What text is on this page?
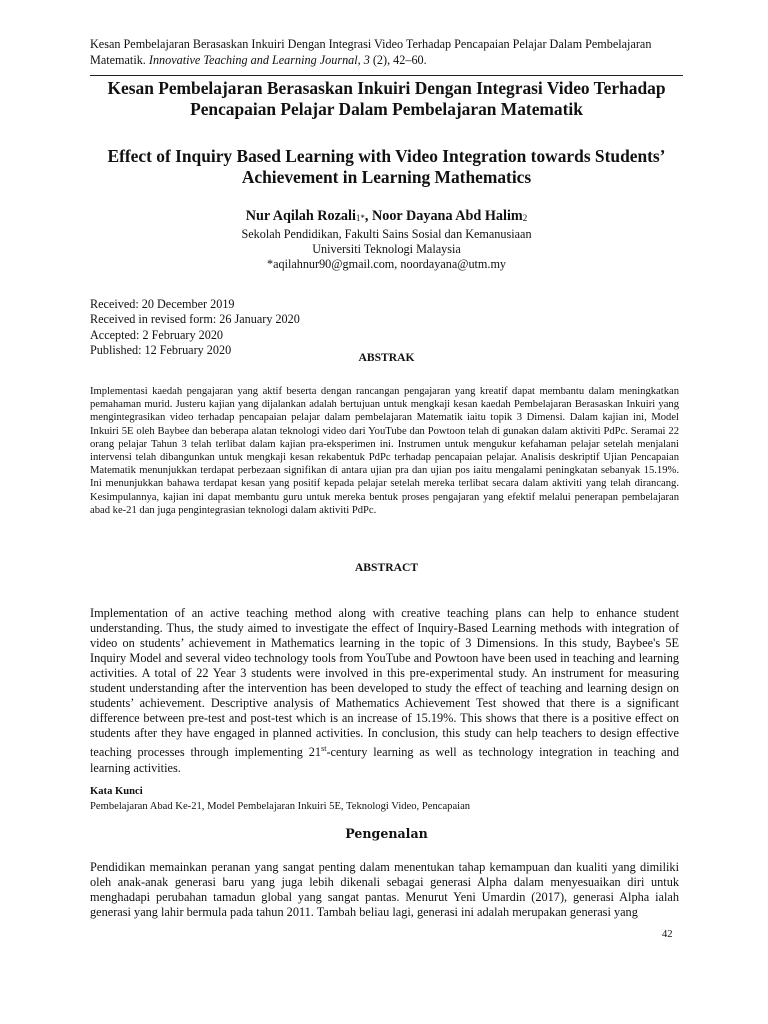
Kesan Pembelajaran Berasaskan Inkuiri Dengan Integrasi Video Terhadap Pencapaian Pelajar Dalam Pembelajaran Matematik. Innovative Teaching and Learning Journal, 3 (2), 42–60.
Kesan Pembelajaran Berasaskan Inkuiri Dengan Integrasi Video Terhadap Pencapaian Pelajar Dalam Pembelajaran Matematik
Effect of Inquiry Based Learning with Video Integration towards Students’ Achievement in Learning Mathematics
Nur Aqilah Rozali$_{1*}$, Noor Dayana Abd Halim$_2$
Sekolah Pendidikan, Fakulti Sains Sosial dan Kemanusiaan
Universiti Teknologi Malaysia
*aqilahnur90@gmail.com, noordayana@utm.my
Received: 20 December 2019
Received in revised form: 26 January 2020
Accepted: 2 February 2020
Published: 12 February 2020
ABSTRAK
Implementasi kaedah pengajaran yang aktif beserta dengan rancangan pengajaran yang kreatif dapat membantu dalam meningkatkan pemahaman murid. Justeru kajian yang dijalankan adalah bertujuan untuk mengkaji kesan kaedah Pembelajaran Berasaskan Inkuiri yang mengintegrasikan video terhadap pencapaian pelajar dalam pembelajaran Matematik iaitu topik 3 Dimensi. Dalam kajian ini, Model Inkuiri 5E oleh Baybee dan beberapa alatan teknologi video dari YouTube dan Powtoon telah di gunakan dalam aktiviti PdPc. Seramai 22 orang pelajar Tahun 3 telah terlibat dalam kajian pra-eksperimen ini. Instrumen untuk mengukur kefahaman pelajar setelah menjalani intervensi telah dibangunkan untuk mengkaji kesan rekabentuk PdPc terhadap pencapaian pelajar. Analisis deskriptif Ujian Pencapaian Matematik menunjukkan terdapat perbezaan signifikan di antara ujian pra dan ujian pos iaitu mengalami peningkatan sebanyak 15.19%. Ini menunjukkan bahawa terdapat kesan yang positif kepada pelajar setelah mereka terlibat secara dalam aktiviti yang telah dirancang. Kesimpulannya, kajian ini dapat membantu guru untuk mereka bentuk proses pengajaran yang efektif melalui penerapan pembelajaran abad ke-21 dan juga pengintegrasian teknologi dalam aktiviti PdPc.
ABSTRACT
Implementation of an active teaching method along with creative teaching plans can help to enhance student understanding. Thus, the study aimed to investigate the effect of Inquiry-Based Learning methods with integration of video on students’ achievement in Mathematics learning in the topic of 3 Dimensions. In this study, Baybee's 5E Inquiry Model and several video technology tools from YouTube and Powtoon have been used in teaching and learning activities. A total of 22 Year 3 students were involved in this pre-experimental study. An instrument for measuring student understanding after the intervention has been developed to study the effect of teaching and learning design on students’ achievement. Descriptive analysis of Mathematics Achievement Test showed that there is a significant difference between pre-test and post-test which is an increase of 15.19%. This shows that there is a positive effect on students after they have engaged in planned activities. In conclusion, this study can help teachers to design effective teaching processes through implementing 21st-century learning as well as technology integration in teaching and learning activities.
Kata Kunci
Pembelajaran Abad Ke-21, Model Pembelajaran Inkuiri 5E, Teknologi Video, Pencapaian
Pengenalan
Pendidikan memainkan peranan yang sangat penting dalam menentukan tahap kemampuan dan kualiti yang dimiliki oleh anak-anak generasi baru yang juga lebih dikenali sebagai generasi Alpha dalam menyesuaikan diri untuk menghadapi perubahan tamadun global yang sangat pantas. Menurut Yeni Umardin (2017), generasi Alpha ialah generasi yang lahir bermula pada tahun 2011. Tambah beliau lagi, generasi ini adalah merupakan generasi yang
42
